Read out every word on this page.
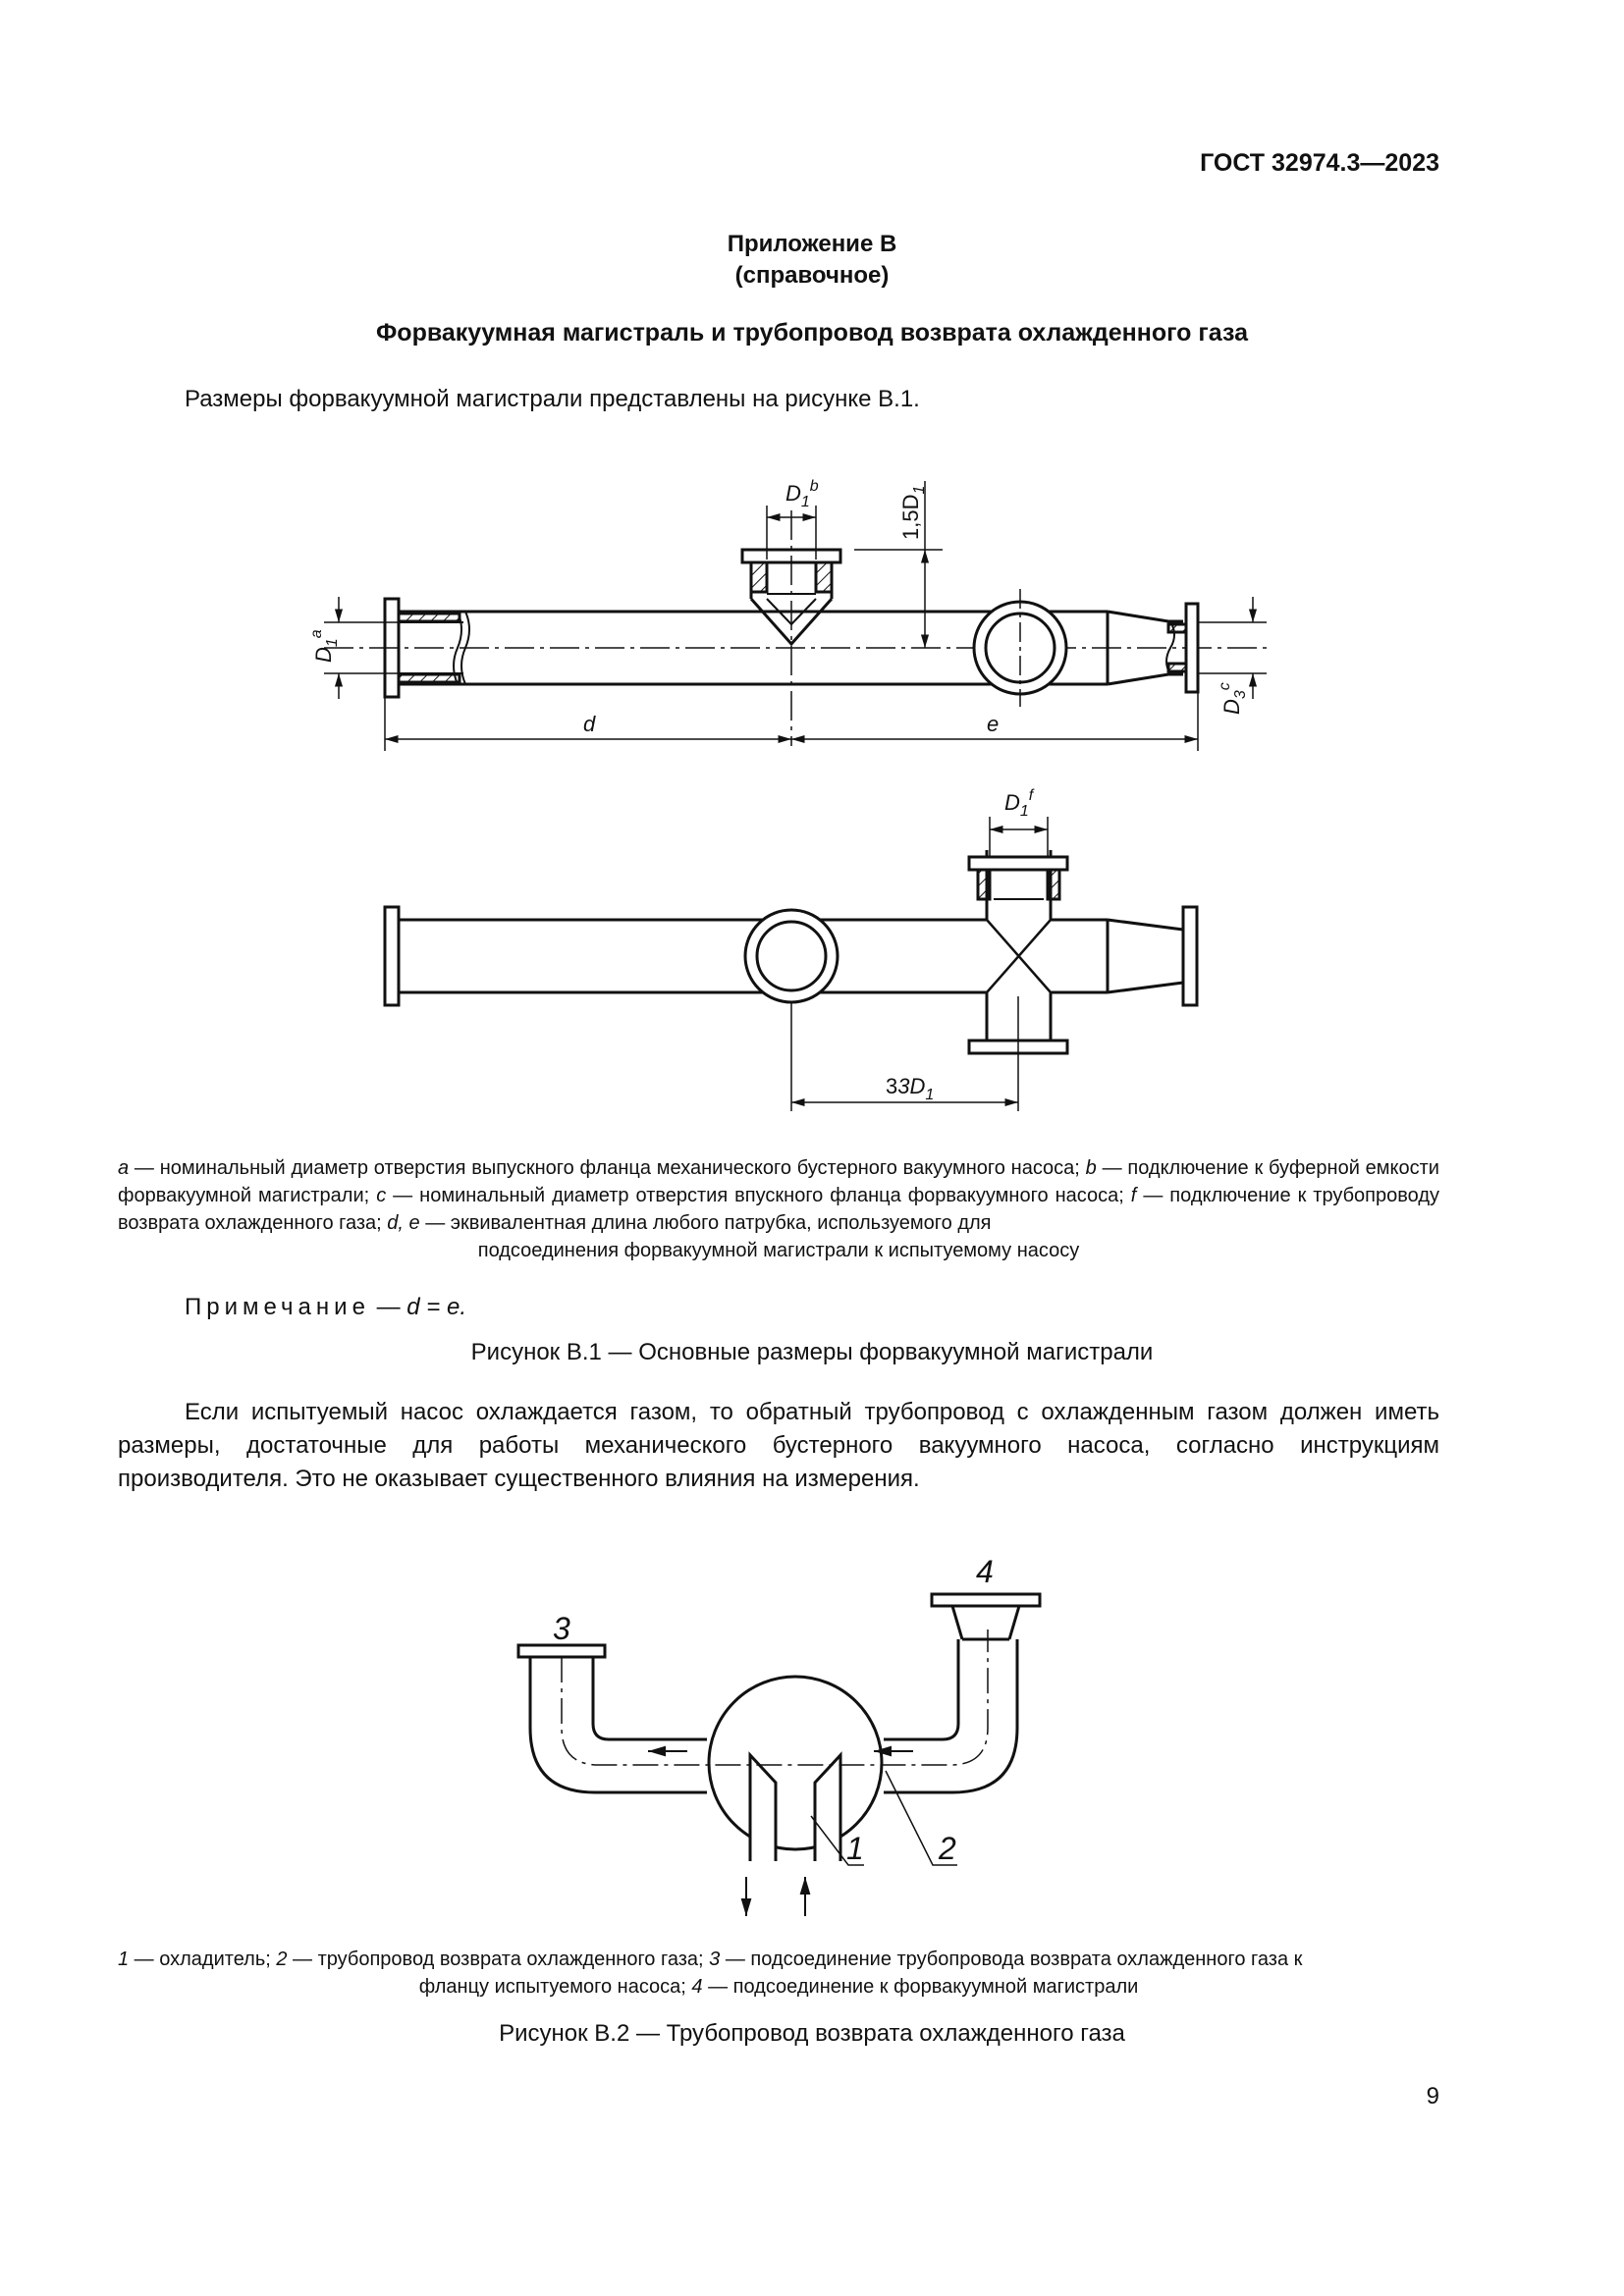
ГОСТ 32974.3—2023
Приложение В
(справочное)
Форвакуумная магистраль и трубопровод возврата охлажденного газа
Размеры форвакуумной магистрали представлены на рисунке В.1.
$D_1^b$
$1,5D_1$
$D_1^a$
$D_3^c$
d	e
$D_1^f$
$33D_1$
a — номинальный диаметр отверстия выпускного фланца механического бустерного вакуумного насоса; b — подключение к буферной емкости форвакуумной магистрали; c — номинальный диаметр отверстия впускного фланца форвакуумного насоса; f — подключение к трубопроводу возврата охлажденного газа; d, e — эквивалентная длина любого патрубка, используемого для
подсоединения форвакуумной магистрали к испытуемому насосу
Примечание — d = e.
Рисунок В.1 — Основные размеры форвакуумной магистрали
Если испытуемый насос охлаждается газом, то обратный трубопровод с охлажденным газом должен иметь размеры, достаточные для работы механического бустерного вакуумного насоса, согласно инструкциям производителя. Это не оказывает существенного влияния на измерения.
1 2
3
4
1 — охладитель; 2 — трубопровод возврата охлажденного газа; 3 — подсоединение трубопровода возврата охлажденного газа к
фланцу испытуемого насоса; 4 — подсоединение к форвакуумной магистрали
Рисунок В.2 — Трубопровод возврата охлажденного газа
9
